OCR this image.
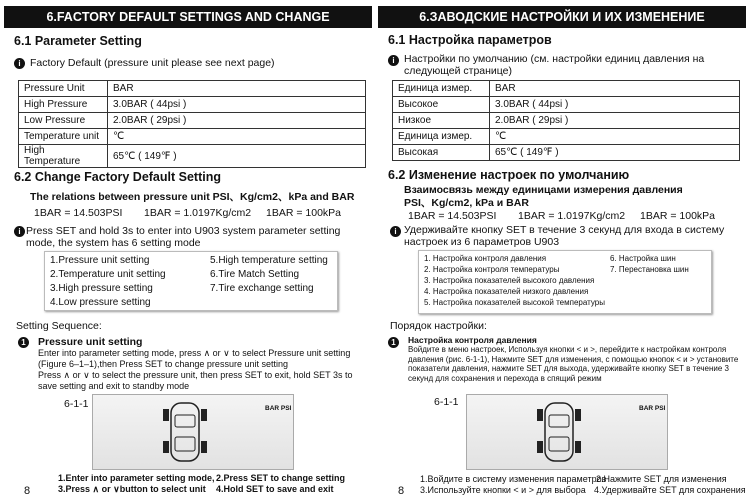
6.FACTORY DEFAULT SETTINGS AND CHANGE
6.1 Parameter Setting
i Factory Default (pressure unit please see next page)
Pressure Unit	BAR
High Pressure	3.0BAR ( 44psi )
Low Pressure	2.0BAR ( 29psi )
Temperature unit	℃
High Temperature	65℃ ( 149℉ )
6.2 Change Factory Default Setting
The relations between pressure unit PSI、Kg/cm2、kPa and BAR
1BAR = 14.503PSI 1BAR = 1.0197Kg/cm2 1BAR = 100kPa
i Press SET and hold 3s to enter into U903 system parameter setting mode, the system has 6 setting mode
1.Pressure unit setting
2.Temperature unit setting
3.High pressure setting
4.Low pressure setting
5.High temperature setting
6.Tire Match Setting
7.Tire exchange setting
Setting Sequence:
1	Pressure unit setting
Enter into parameter setting mode, press ∧ or ∨ to select Pressure unit setting (Figure 6–1–1),then Press SET to change pressure unit setting
Press ∧ or ∨ to select the pressure unit, then press SET to exit, hold SET 3s to save setting and exit to standby mode
6-1-1	BAR PSI
1.Enter into parameter setting mode, 2.Press SET to change setting
3.Press ∧ or ∨button to select unit 4.Hold SET to save and exit
8
6.ЗАВОДСКИЕ НАСТРОЙКИ И ИХ ИЗМЕНЕНИЕ
6.1 Настройка параметров
i Настройки по умолчанию (см. настройки единиц давления на следующей странице)
Единица измер.	BAR
Высокое	3.0BAR ( 44psi )
Низкое	2.0BAR ( 29psi )
Единица измер.	℃
Высокая	65℃ ( 149℉ )
6.2 Изменение настроек по умолчанию
Взаимосвязь между единицами измерения давления
PSI、Kg/cm2, kPa и BAR
1BAR = 14.503PSI 1BAR = 1.0197Kg/cm2 1BAR = 100kPa
i Удерживайте кнопку SET в течение 3 секунд для входа в систему настроек из 6 параметров U903
1. Настройка контроля давления
2. Настройка контроля температуры
3. Настройка показателей высокого давления
4. Настройка показателей низкого давления
5. Настройка показателей высокой температуры
6. Настройка шин
7. Перестановка шин
Порядок настройки:
1	Настройка контроля давления
Войдите в меню настроек, Используя кнопки < и >, перейдите к настройкам контроля давления (рис. 6-1-1), Нажмите SET для изменения, с помощью кнопок < и > установите показатели давления, нажмите SET для выхода, удерживайте кнопку SET в течение 3 секунд для сохранения и перехода в спящий режим
6-1-1
BAR PSI
1.Войдите в систему изменения параметров
2.Нажмите SET для изменения
3.Используйте кнопки < и > для выбора 4.Удерживайте SET для сохранения
8
